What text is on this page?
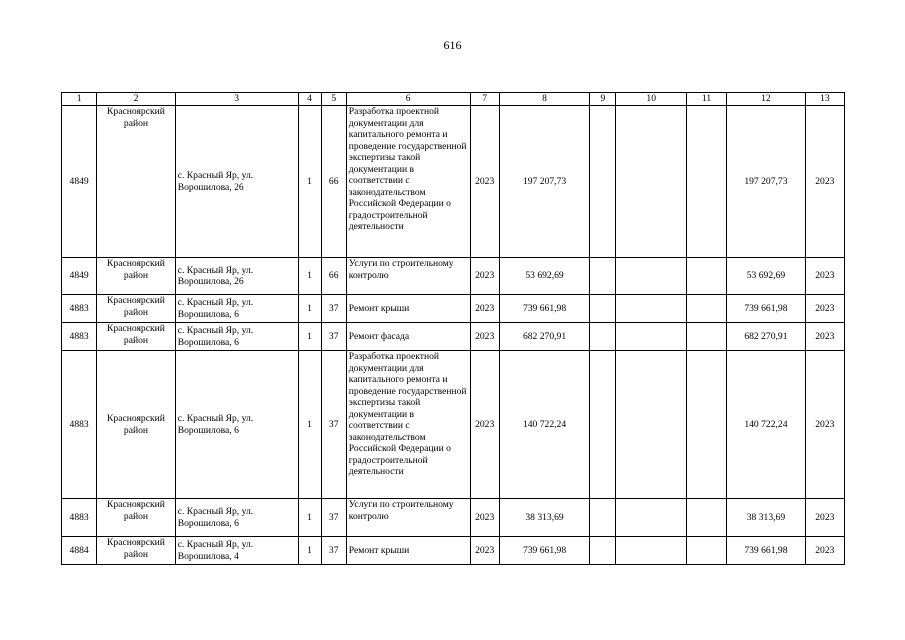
616
1	2	3	4	5	6	7	8	9	10	11	12	13
4849	Красноярский район	с. Красный Яр, ул. Ворошилова, 26	1	66	Разработка проектной документации для капитального ремонта и проведение государственной экспертизы такой документации в соответствии с законодательством Российской Федерации о градостроительной деятельности	2023	197 207,73				197 207,73	2023
4849	Красноярский район	с. Красный Яр, ул. Ворошилова, 26	1	66	Услуги по строительному контролю	2023	53 692,69				53 692,69	2023
4883	Красноярский район	с. Красный Яр, ул. Ворошилова, 6	1	37	Ремонт крыши	2023	739 661,98				739 661,98	2023
4883	Красноярский район	с. Красный Яр, ул. Ворошилова, 6	1	37	Ремонт фасада	2023	682 270,91				682 270,91	2023
4883	Красноярский район	с. Красный Яр, ул. Ворошилова, 6	1	37	Разработка проектной документации для капитального ремонта и проведение государственной экспертизы такой документации в соответствии с законодательством Российской Федерации о градостроительной деятельности	2023	140 722,24				140 722,24	2023
4883	Красноярский район	с. Красный Яр, ул. Ворошилова, 6	1	37	Услуги по строительному контролю	2023	38 313,69				38 313,69	2023
4884	Красноярский район	с. Красный Яр, ул. Ворошилова, 4	1	37	Ремонт крыши	2023	739 661,98				739 661,98	2023
